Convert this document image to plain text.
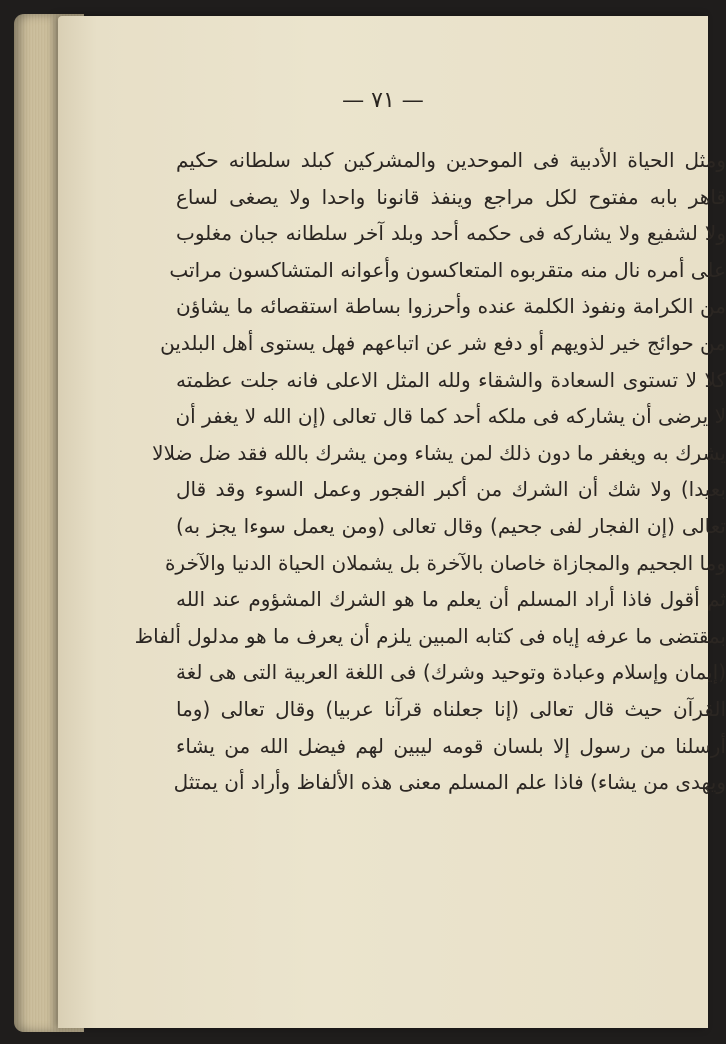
— ٧١ —
ومثل الحياة الأدبية فى الموحدين والمشركين كبلد سلطانه حكيم
قاهر بابه مفتوح لكل مراجع وينفذ قانونا واحدا ولا يصغى لساع
ولا لشفيع ولا يشاركه فى حكمه أحد وبلد آخر سلطانه جبان مغلوب
على أمره نال منه متقربوه المتعاكسون وأعوانه المتشاكسون مراتب
من الكرامة ونفوذ الكلمة عنده وأحرزوا بساطة استقصائه ما يشاؤن
من حوائج خير لذويهم أو دفع شر عن اتباعهم فهل يستوى أهل البلدين
كلا لا تستوى السعادة والشقاء ولله المثل الاعلى فانه جلت عظمته
لا يرضى أن يشاركه فى ملكه أحد كما قال تعالى (إن الله لا يغفر أن
يشرك به ويغفر ما دون ذلك لمن يشاء ومن يشرك بالله فقد ضل ضلالا
بعيدا) ولا شك أن الشرك من أكبر الفجور وعمل السوء وقد قال
تعالى (إن الفجار لفى جحيم) وقال تعالى (ومن يعمل سوءا يجز به)
وما الجحيم والمجازاة خاصان بالآخرة بل يشملان الحياة الدنيا والآخرة
ثم أقول فاذا أراد المسلم أن يعلم ما هو الشرك المشؤوم عند الله
بمقتضى ما عرفه إياه فى كتابه المبين يلزم أن يعرف ما هو مدلول ألفاظ
(إيمان وإسلام وعبادة وتوحيد وشرك) فى اللغة العربية التى هى لغة
القرآن حيث قال تعالى (إنا جعلناه قرآنا عربيا) وقال تعالى (وما
أرسلنا من رسول إلا بلسان قومه ليبين لهم فيضل الله من يشاء
ويهدى من يشاء) فاذا علم المسلم معنى هذه الألفاظ وأراد أن يمتثل
